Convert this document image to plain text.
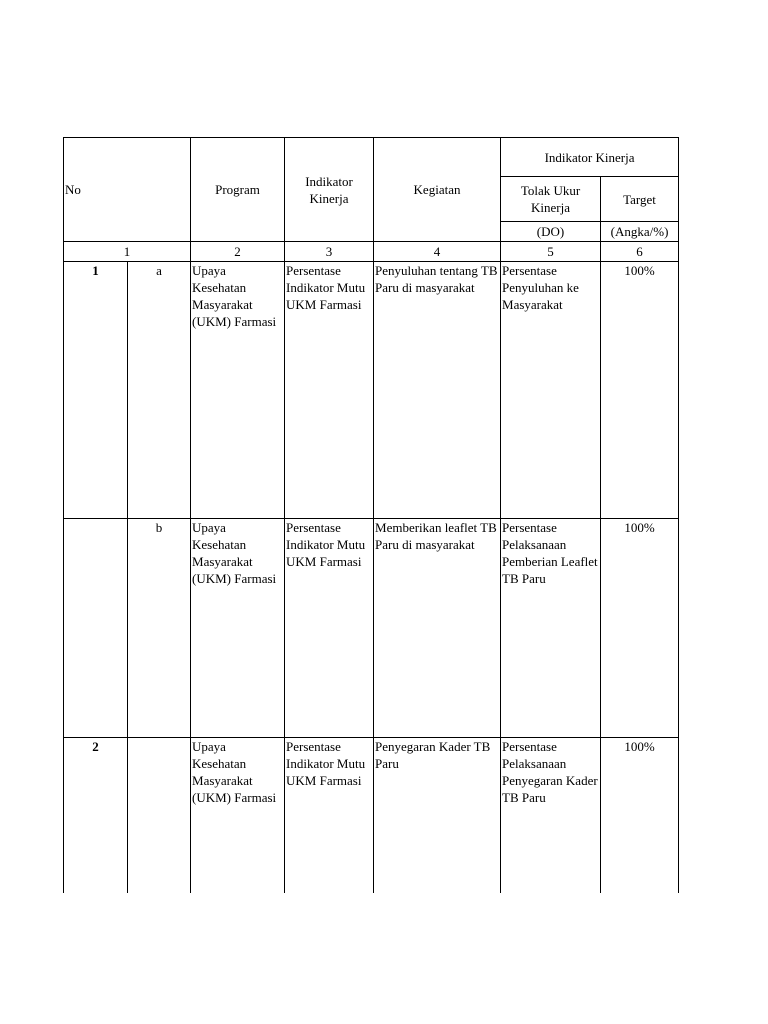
No		Program	Indikator Kinerja	Kegiatan	Indikator Kinerja	
					Tolak Ukur Kinerja	Target
					(DO)	(Angka/%)
1		2	3	4	5	6
1	a	Upaya Kesehatan Masyarakat (UKM) Farmasi	Persentase Indikator Mutu UKM Farmasi	Penyuluhan tentang TB Paru di masyarakat	Persentase Penyuluhan ke Masyarakat	100%
	b	Upaya Kesehatan Masyarakat (UKM) Farmasi	Persentase Indikator Mutu UKM Farmasi	Memberikan leaflet TB Paru di masyarakat	Persentase Pelaksanaan Pemberian Leaflet TB Paru	100%
2		Upaya Kesehatan Masyarakat (UKM) Farmasi	Persentase Indikator Mutu UKM Farmasi	Penyegaran Kader TB Paru	Persentase Pelaksanaan Penyegaran Kader TB Paru	100%
